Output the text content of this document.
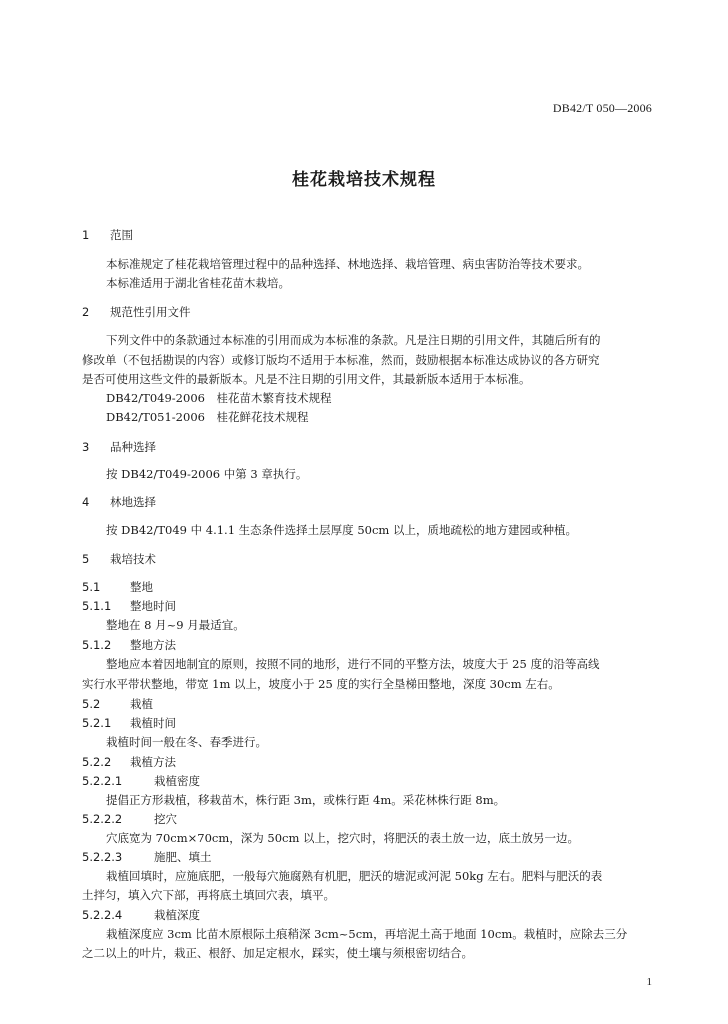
DB42/T 050—2006
桂花栽培技术规程
1 范围
本标准规定了桂花栽培管理过程中的品种选择、林地选择、栽培管理、病虫害防治等技术要求。
本标准适用于湖北省桂花苗木栽培。
2 规范性引用文件
下列文件中的条款通过本标准的引用而成为本标准的条款。凡是注日期的引用文件，其随后所有的
修改单（不包括勘误的内容）或修订版均不适用于本标准，然而，鼓励根据本标准达成协议的各方研究
是否可使用这些文件的最新版本。凡是不注日期的引用文件，其最新版本适用于本标准。
DB42/T049-2006　桂花苗木繁育技术规程
DB42/T051-2006　桂花鲜花技术规程
3 品种选择
按 DB42/T049-2006 中第 3 章执行。
4 林地选择
按 DB42/T049 中 4.1.1 生态条件选择土层厚度 50cm 以上，质地疏松的地方建园或种植。
5 栽培技术
5.1	整地
5.1.1 整地时间
整地在 8 月~9 月最适宜。
5.1.2 整地方法
整地应本着因地制宜的原则，按照不同的地形，进行不同的平整方法，坡度大于 25 度的沿等高线
实行水平带状整地，带宽 1m 以上，坡度小于 25 度的实行全垦梯田整地，深度 30cm 左右。
5.2	栽植
5.2.1 栽植时间
栽植时间一般在冬、春季进行。
5.2.2 栽植方法
5.2.2.1	栽植密度
提倡正方形栽植，移栽苗木，株行距 3m，或株行距 4m。采花林株行距 8m。
5.2.2.2	挖穴
穴底宽为 70cm×70cm，深为 50cm 以上，挖穴时，将肥沃的表土放一边，底土放另一边。
5.2.2.3	施肥、填土
栽植回填时，应施底肥，一般每穴施腐熟有机肥，肥沃的塘泥或河泥 50kg 左右。肥料与肥沃的表
土拌匀，填入穴下部，再将底土填回穴表，填平。
5.2.2.4	栽植深度
栽植深度应 3cm 比苗木原根际土痕稍深 3cm~5cm，再培泥土高于地面 10cm。栽植时，应除去三分
之二以上的叶片，栽正、根舒、加足定根水，踩实，使土壤与须根密切结合。
1
